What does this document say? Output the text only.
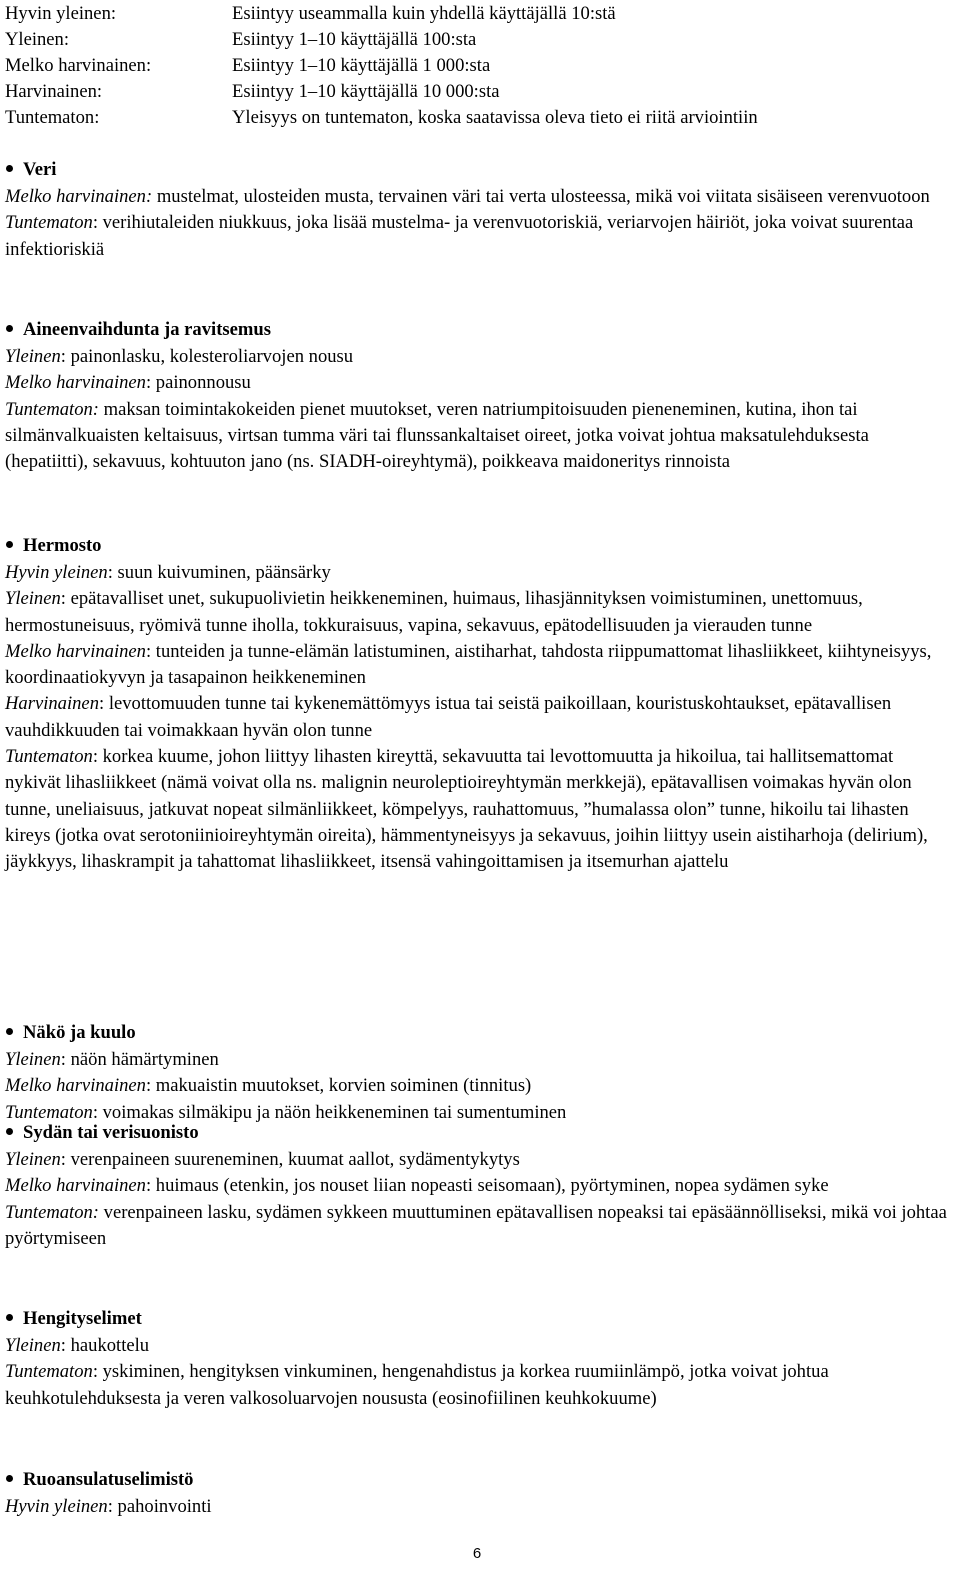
Hyvin yleinen:	Esiintyy useammalla kuin yhdellä käyttäjällä 10:stä
Yleinen:	Esiintyy 1–10 käyttäjällä 100:sta
Melko harvinainen:	Esiintyy 1–10 käyttäjällä 1 000:sta
Harvinainen:	Esiintyy 1–10 käyttäjällä 10 000:sta
Tuntematon:	Yleisyys on tuntematon, koska saatavissa oleva tieto ei riitä arviointiin
Veri

Melko harvinainen: mustelmat, ulosteiden musta, tervainen väri tai verta ulosteessa, mikä voi viitata sisäiseen verenvuotoon

Tuntematon: verihiutaleiden niukkuus, joka lisää mustelma- ja verenvuotoriskiä, veriarvojen häiriöt, joka voivat suurentaa infektioriskiä

Aineenvaihdunta ja ravitsemus

Yleinen: painonlasku, kolesteroliarvojen nousu

Melko harvinainen: painonnousu

Tuntematon: maksan toimintakokeiden pienet muutokset, veren natriumpitoisuuden pieneneminen, kutina, ihon tai silmänvalkuaisten keltaisuus, virtsan tumma väri tai flunssankaltaiset oireet, jotka voivat johtua maksatulehduksesta (hepatiitti), sekavuus, kohtuuton jano (ns. SIADH-oireyhtymä), poikkeava maidoneritys rinnoista

Hermosto

Hyvin yleinen: suun kuivuminen, päänsärky

Yleinen: epätavalliset unet, sukupuolivietin heikkeneminen, huimaus, lihasjännityksen voimistuminen, unettomuus, hermostuneisuus, ryömivä tunne iholla, tokkuraisuus, vapina, sekavuus, epätodellisuuden ja vierauden tunne

Melko harvinainen: tunteiden ja tunne-elämän latistuminen, aistiharhat, tahdosta riippumattomat lihasliikkeet, kiihtyneisyys, koordinaatiokyvyn ja tasapainon heikkeneminen

Harvinainen: levottomuuden tunne tai kykenemättömyys istua tai seistä paikoillaan, kouristuskohtaukset, epätavallisen vauhdikkuuden tai voimakkaan hyvän olon tunne

Tuntematon: korkea kuume, johon liittyy lihasten kireyttä, sekavuutta tai levottomuutta ja hikoilua, tai hallitsemattomat nykivät lihasliikkeet (nämä voivat olla ns. malignin neuroleptioireyhtymän merkkejä), epätavallisen voimakas hyvän olon tunne, uneliaisuus, jatkuvat nopeat silmänliikkeet, kömpelyys, rauhattomuus, ”humalassa olon” tunne, hikoilu tai lihasten kireys (jotka ovat serotoniinioireyhtymän oireita), hämmentyneisyys ja sekavuus, joihin liittyy usein aistiharhoja (delirium), jäykkyys, lihaskrampit ja tahattomat lihasliikkeet, itsensä vahingoittamisen ja itsemurhan ajattelu

Näkö ja kuulo

Yleinen: näön hämärtyminen

Melko harvinainen: makuaistin muutokset, korvien soiminen (tinnitus)

Tuntematon: voimakas silmäkipu ja näön heikkeneminen tai sumentuminen

Sydän tai verisuonisto

Yleinen: verenpaineen suureneminen, kuumat aallot, sydämentykytys

Melko harvinainen: huimaus (etenkin, jos nouset liian nopeasti seisomaan), pyörtyminen, nopea sydämen syke

Tuntematon: verenpaineen lasku, sydämen sykkeen muuttuminen epätavallisen nopeaksi tai epäsäännölliseksi, mikä voi johtaa pyörtymiseen

Hengityselimet

Yleinen: haukottelu

Tuntematon: yskiminen, hengityksen vinkuminen, hengenahdistus ja korkea ruumiinlämpö, jotka voivat johtua keuhkotulehduksesta ja veren valkosoluarvojen noususta (eosinofiilinen keuhkokuume)

Ruoansulatuselimistö

Hyvin yleinen: pahoinvointi

6
